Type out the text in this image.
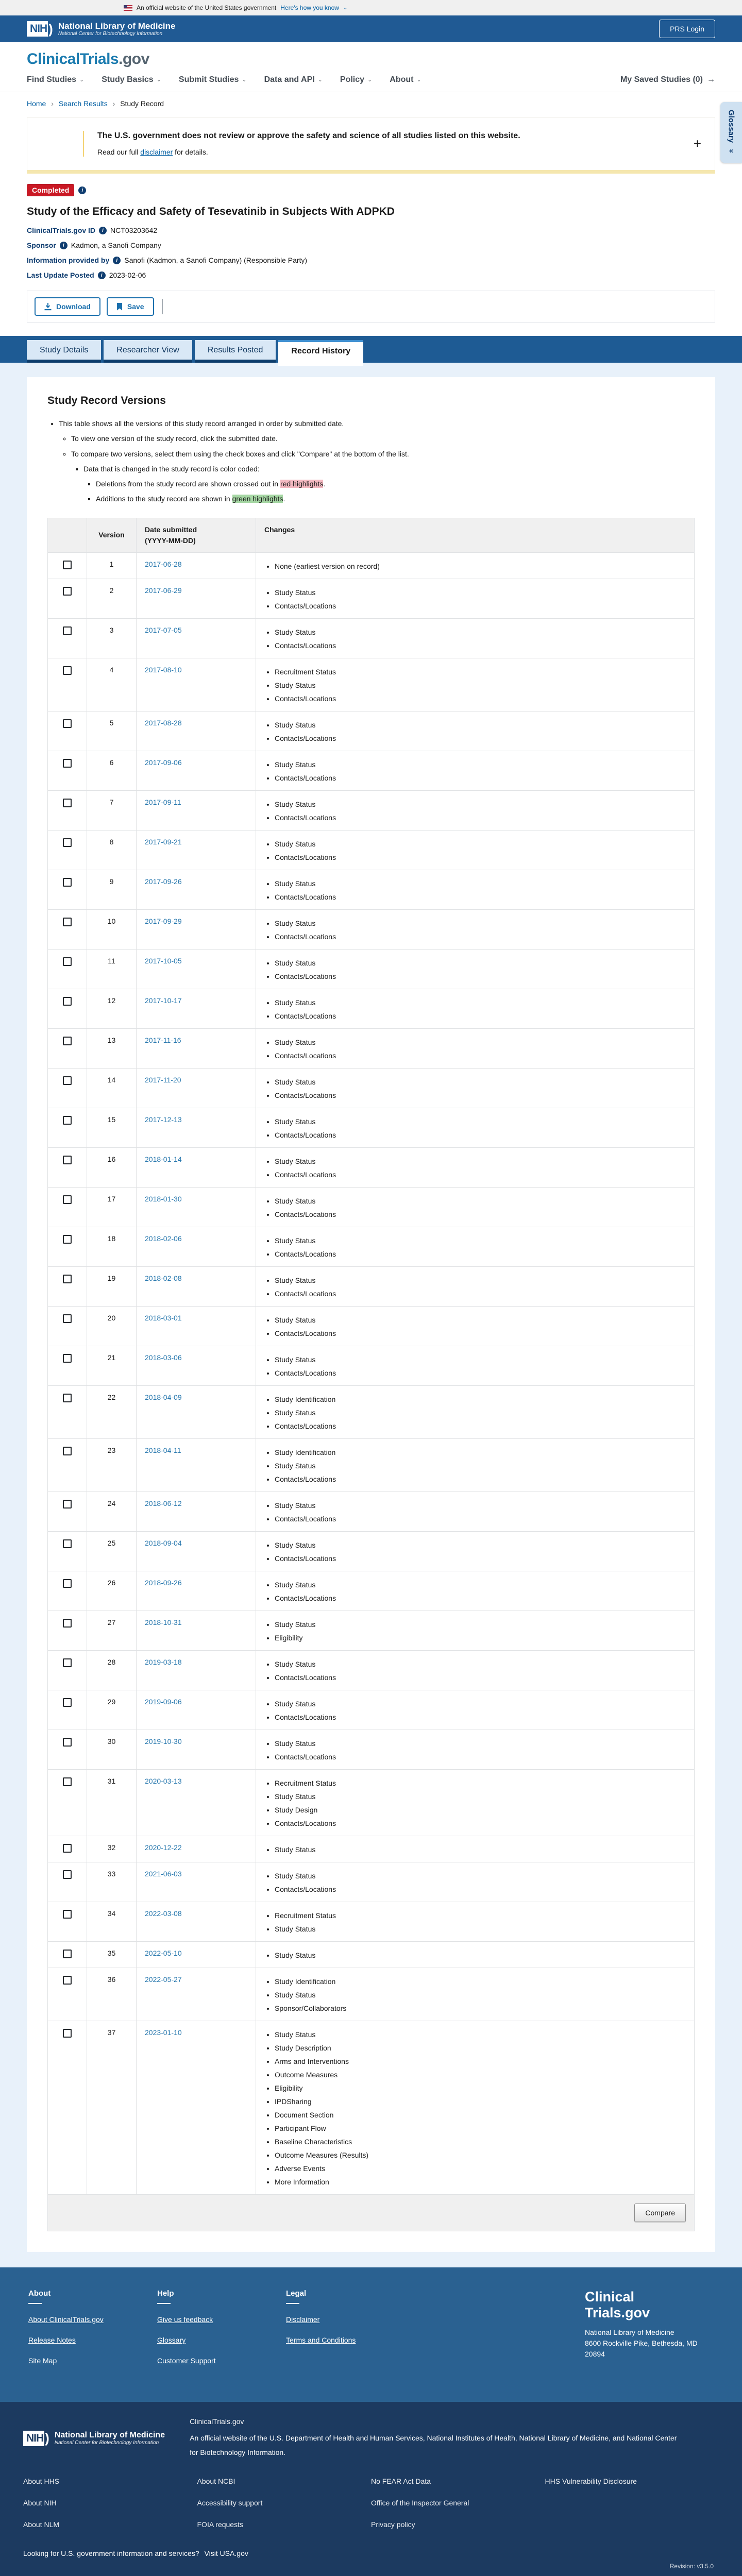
An official website of the United States government Here's how you know ⌄
NIH ) National Library of Medicine
National Center for Biotechnology Information
PRS Login
ClinicalTrials.gov
Find Studies ⌄ Study Basics ⌄ Submit Studies ⌄ Data and API ⌄ Policy ⌄ About ⌄	My Saved Studies (0) →
Home › Search Results › Study Record
Glossary
«
!
The U.S. government does not review or approve the safety and science of all studies listed on this website.
Read our full disclaimer for details.
+
Completed	i
Study of the Efficacy and Safety of Tesevatinib in Subjects With ADPKD
ClinicalTrials.gov ID	i NCT03203642
Sponsor	i Kadmon, a Sanofi Company
Information provided by	i Sanofi (Kadmon, a Sanofi Company) (Responsible Party)
Last Update Posted	i 2023-02-06
Download	Save
Study Details	Researcher View	Results Posted	Record History
Study Record Versions
• This table shows all the versions of this study record arranged in order by submitted date.
◦ To view one version of the study record, click the submitted date.
◦ To compare two versions, select them using the check boxes and click "Compare" at the bottom of the list.
▪ Data that is changed in the study record is color coded:
▪ Deletions from the study record are shown crossed out in red highlights.
▪ Additions to the study record are shown in green highlights.
	Version	Date submitted
(YYYY-MM-DD)	Changes
	1	2017-06-28	
•None (earliest version on record)

	2	2017-06-29	
•Study Status
• Contacts/Locations

	3	2017-07-05	
•Study Status
• Contacts/Locations

	4	2017-08-10	
•Recruitment Status
• Study Status
• Contacts/Locations

	5	2017-08-28	
•Study Status
• Contacts/Locations

	6	2017-09-06	
•Study Status
• Contacts/Locations

	7	2017-09-11	
•Study Status
• Contacts/Locations

	8	2017-09-21	
•Study Status
• Contacts/Locations

	9	2017-09-26	
•Study Status
• Contacts/Locations

	10	2017-09-29	
•Study Status
• Contacts/Locations

	11	2017-10-05	
•Study Status
• Contacts/Locations

	12	2017-10-17	
•Study Status
• Contacts/Locations

	13	2017-11-16	
•Study Status
• Contacts/Locations

	14	2017-11-20	
•Study Status
• Contacts/Locations

	15	2017-12-13	
•Study Status
• Contacts/Locations

	16	2018-01-14	
•Study Status
• Contacts/Locations

	17	2018-01-30	
•Study Status
• Contacts/Locations

	18	2018-02-06	
•Study Status
• Contacts/Locations

	19	2018-02-08	
•Study Status
• Contacts/Locations

	20	2018-03-01	
•Study Status
• Contacts/Locations

	21	2018-03-06	
•Study Status
• Contacts/Locations

	22	2018-04-09	
•Study Identification
• Study Status
• Contacts/Locations

	23	2018-04-11	
•Study Identification
• Study Status
• Contacts/Locations

	24	2018-06-12	
•Study Status
• Contacts/Locations

	25	2018-09-04	
•Study Status
• Contacts/Locations

	26	2018-09-26	
•Study Status
• Contacts/Locations

	27	2018-10-31	
•Study Status
• Eligibility

	28	2019-03-18	
•Study Status
• Contacts/Locations

	29	2019-09-06	
•Study Status
• Contacts/Locations

	30	2019-10-30	
•Study Status
• Contacts/Locations

	31	2020-03-13	
•Recruitment Status
• Study Status
• Study Design
• Contacts/Locations

	32	2020-12-22	
•Study Status

	33	2021-06-03	
•Study Status
• Contacts/Locations

	34	2022-03-08	
•Recruitment Status
• Study Status

	35	2022-05-10	
•Study Status

	36	2022-05-27	
•Study Identification
• Study Status
• Sponsor/Collaborators

	37	2023-01-10	
•Study Status
• Study Description
• Arms and Interventions
• Outcome Measures
• Eligibility
• IPDSharing
• Document Section
• Participant Flow
• Baseline Characteristics
• Outcome Measures (Results)
• Adverse Events
• More Information
Compare
About
About ClinicalTrials.gov
Release Notes
Site Map
Help
Give us feedback
Glossary
Customer Support
Legal
Disclaimer
Terms and Conditions
Clinical
Trials.gov
National Library of Medicine
8600 Rockville Pike, Bethesda, MD
20894
NIH ) National Library of Medicine
National Center for Biotechnology Information
ClinicalTrials.gov
An official website of the U.S. Department of Health and Human Services, National Institutes of Health, National Library of Medicine, and National Center for Biotechnology Information.
About HHS
About NIH
About NLM
About NCBI
Accessibility support
FOIA requests
No FEAR Act Data
Office of the Inspector General
Privacy policy
HHS Vulnerability Disclosure
Looking for U.S. government information and services? Visit USA.gov
Revision: v3.5.0
